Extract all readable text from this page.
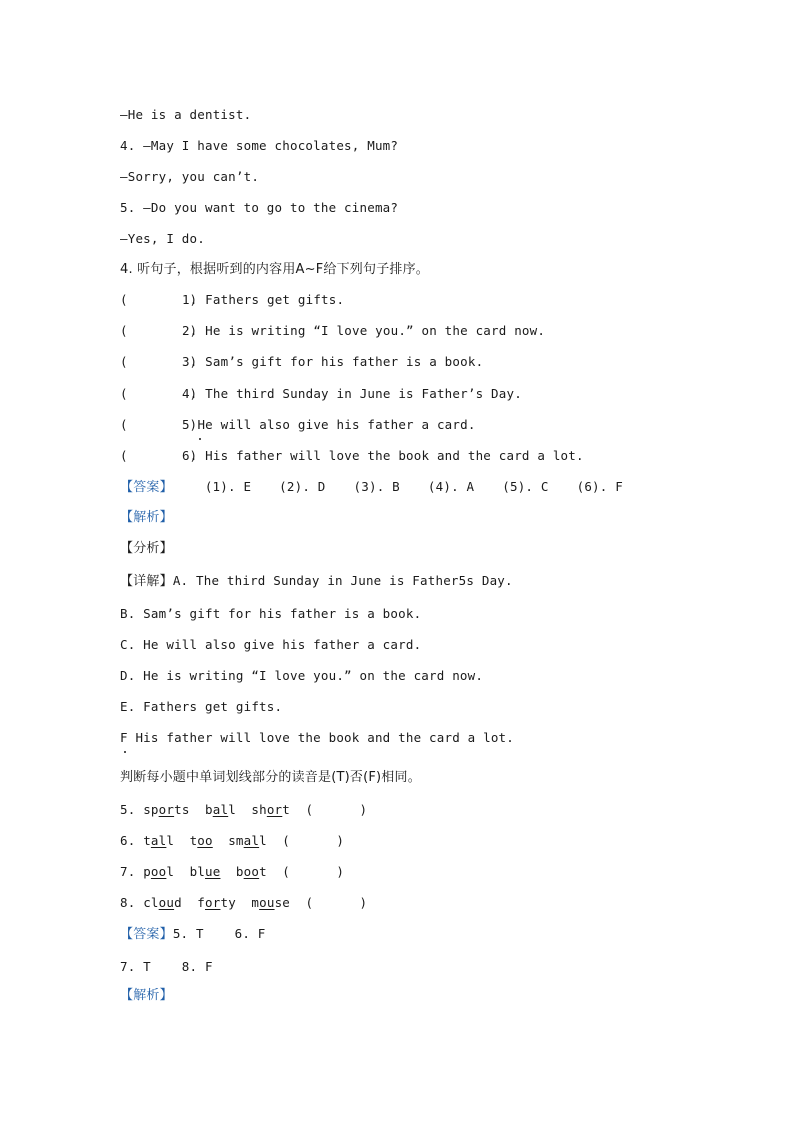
—He is a dentist.
4. —May I have some chocolates, Mum?
—Sorry, you can’t.
5. —Do you want to go to the cinema?
—Yes, I do.
4. 听句子，根据听到的内容用A~F给下列句子排序。
(        )1. Fathers get gifts.
(        )2. He is writing “I love you.” on the card now.
(        )3. Sam’s gift for his father is a book.
(        )4. The third Sunday in June is Father’s Day.
(        )5 He will also give his father a card.
(        )6. His father will love the book and the card a lot.
【答案】	(1). E (2). D (3). B (4). A (5). C (6). F
【解析】
【分析】
【详解】A. The third Sunday in June is Father5s Day.
B. Sam’s gift for his father is a book.
C. He will also give his father a card.
D. He is writing “I love you.” on the card now.
E. Fathers get gifts.
F His father will love the book and the card a lot.
判断每小题中单词划线部分的读音是(T)否(F)相同。
5. sports ball short (      )
6. tall too small (      )
7. pool blue boot (      )
8. cloud forty mouse (      )
【答案】5. T    6. F
7. T    8. F
【解析】
